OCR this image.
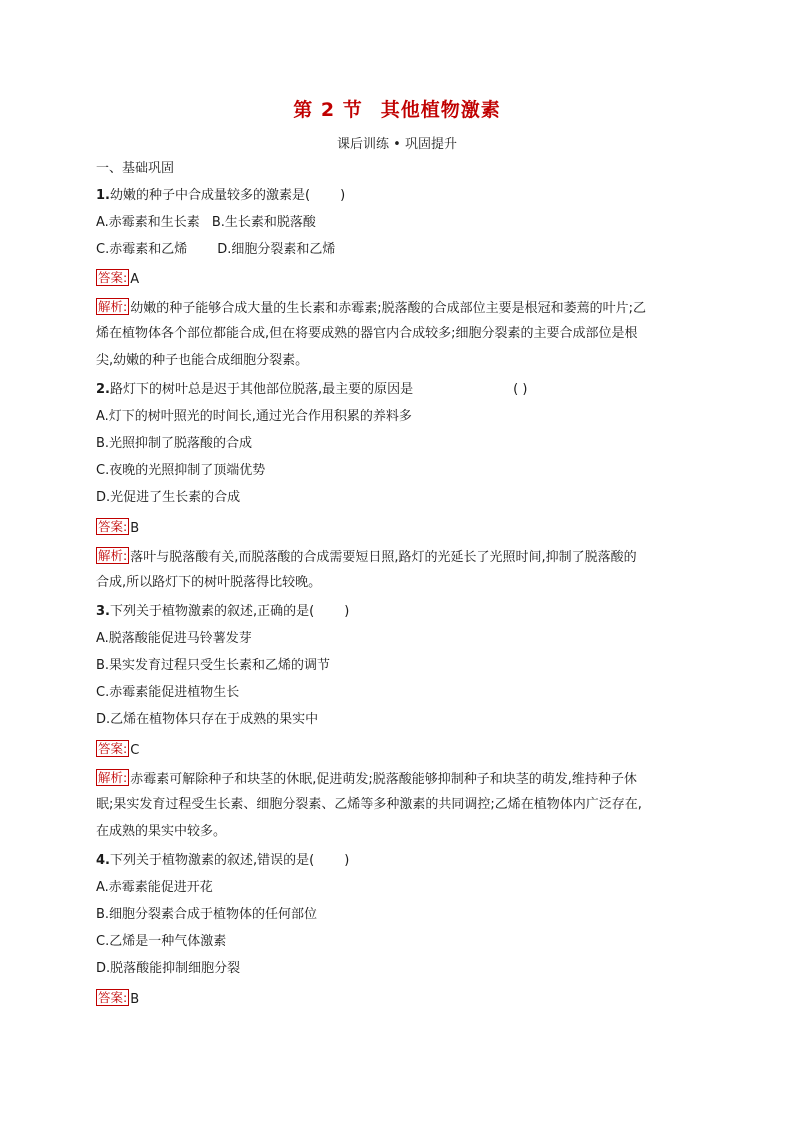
第 2 节 其他植物激素
课后训练 • 巩固提升
一、基础巩固
1.幼嫩的种子中合成量较多的激素是( )
A.赤霉素和生长素 B.生长素和脱落酸
C.赤霉素和乙烯 D.细胞分裂素和乙烯
答案: A
解析: 幼嫩的种子能够合成大量的生长素和赤霉素;脱落酸的合成部位主要是根冠和萎蔫的叶片;乙
烯在植物体各个部位都能合成,但在将要成熟的器官内合成较多;细胞分裂素的主要合成部位是根
尖,幼嫩的种子也能合成细胞分裂素。
2.路灯下的树叶总是迟于其他部位脱落,最主要的原因是	( )
A.灯下的树叶照光的时间长,通过光合作用积累的养料多
B.光照抑制了脱落酸的合成
C.夜晚的光照抑制了顶端优势
D.光促进了生长素的合成
答案: B
解析: 落叶与脱落酸有关,而脱落酸的合成需要短日照,路灯的光延长了光照时间,抑制了脱落酸的
合成,所以路灯下的树叶脱落得比较晚。
3.下列关于植物激素的叙述,正确的是( )
A.脱落酸能促进马铃薯发芽
B.果实发育过程只受生长素和乙烯的调节
C.赤霉素能促进植物生长
D.乙烯在植物体只存在于成熟的果实中
答案: C
解析: 赤霉素可解除种子和块茎的休眠,促进萌发;脱落酸能够抑制种子和块茎的萌发,维持种子休
眠;果实发育过程受生长素、细胞分裂素、乙烯等多种激素的共同调控;乙烯在植物体内广泛存在,
在成熟的果实中较多。
4.下列关于植物激素的叙述,错误的是( )
A.赤霉素能促进开花
B.细胞分裂素合成于植物体的任何部位
C.乙烯是一种气体激素
D.脱落酸能抑制细胞分裂
答案: B
